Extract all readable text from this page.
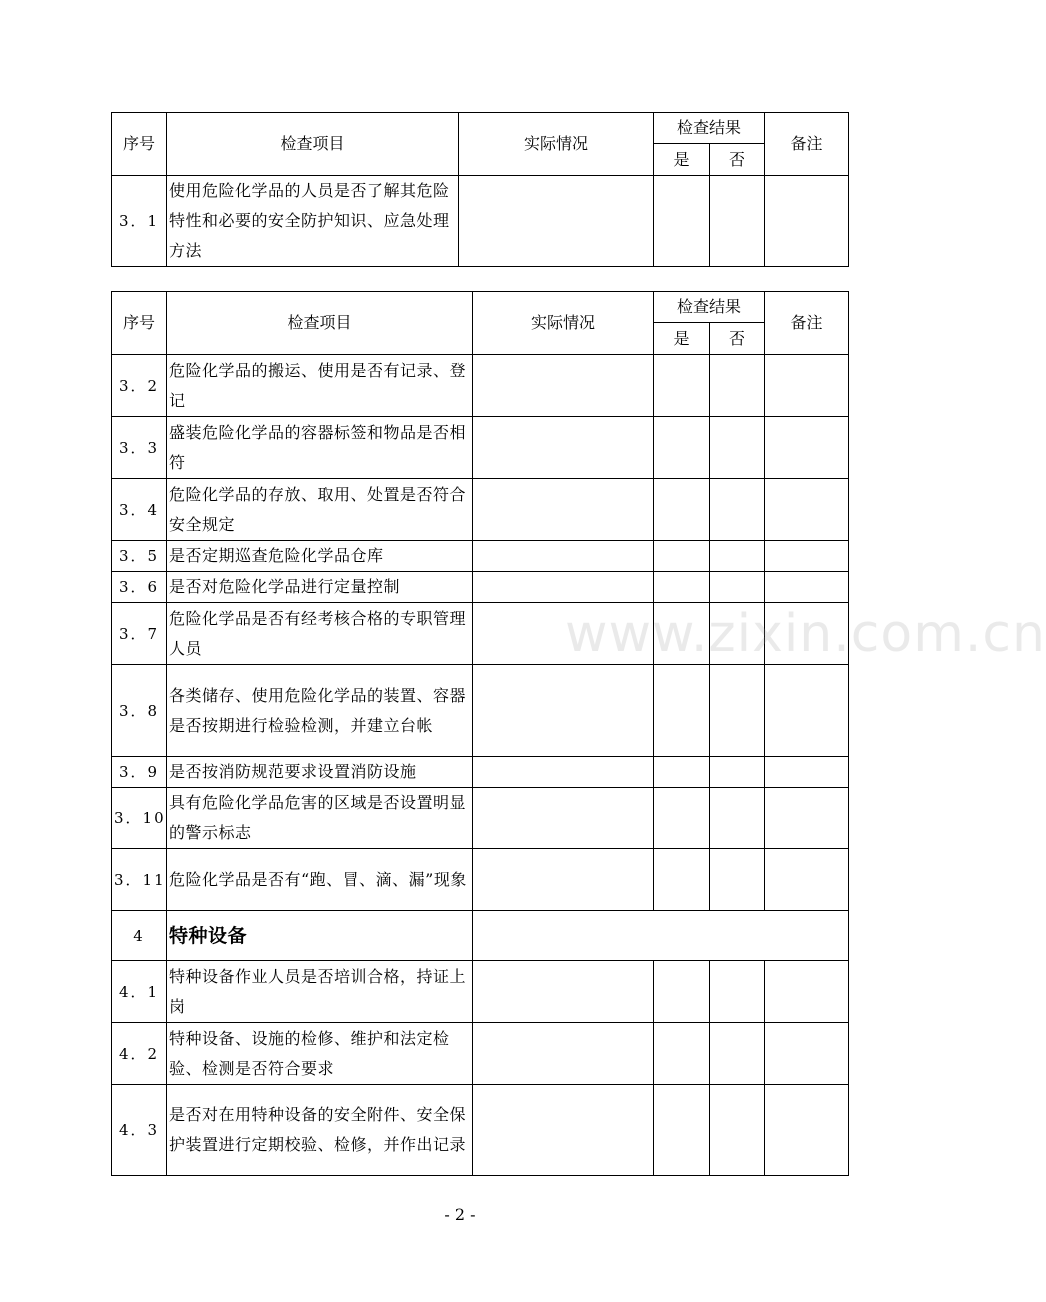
序号	检查项目	实际情况	检查结果		备注
			是	否	
3．1	使用危险化学品的人员是否了解其危险特性和必要的安全防护知识、应急处理方法				
序号	检查项目	实际情况	检查结果		备注
			是	否	
3．2	危险化学品的搬运、使用是否有记录、登记				
3．3	盛装危险化学品的容器标签和物品是否相符				
3．4	危险化学品的存放、取用、处置是否符合安全规定				
3．5	是否定期巡查危险化学品仓库				
3．6	是否对危险化学品进行定量控制				
3．7	危险化学品是否有经考核合格的专职管理人员				
3．8	各类储存、使用危险化学品的装置、容器是否按期进行检验检测，并建立台帐				
3．9	是否按消防规范要求设置消防设施				
3．10	具有危险化学品危害的区域是否设置明显的警示标志				
3．11	危险化学品是否有“跑、冒、滴、漏”现象				
4	特种设备				
4．1	特种设备作业人员是否培训合格，持证上岗				
4．2	特种设备、设施的检修、维护和法定检验、检测是否符合要求				
4．3	是否对在用特种设备的安全附件、安全保护装置进行定期校验、检修，并作出记录				
www.zixin.com.cn
- 2 -
